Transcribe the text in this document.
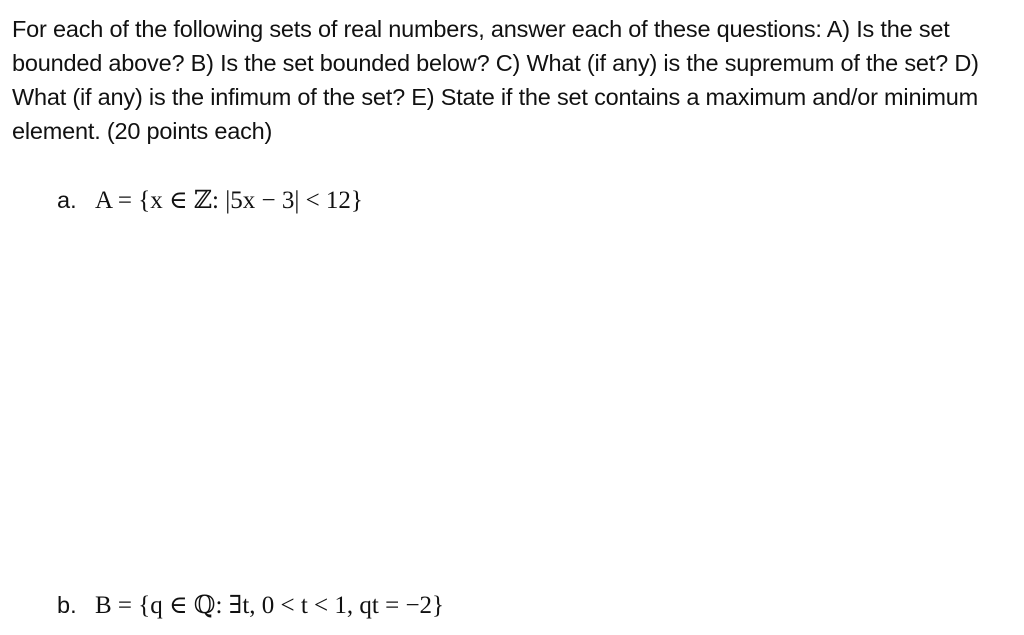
For each of the following sets of real numbers, answer each of these questions: A) Is the set bounded above? B) Is the set bounded below? C) What (if any) is the supremum of the set? D) What (if any) is the infimum of the set? E) State if the set contains a maximum and/or minimum element. (20 points each)

a. A = {x ∈ ℤ: |5x − 3| < 12}
b. B = {q ∈ ℚ: ∃t, 0 < t < 1, qt = −2}
